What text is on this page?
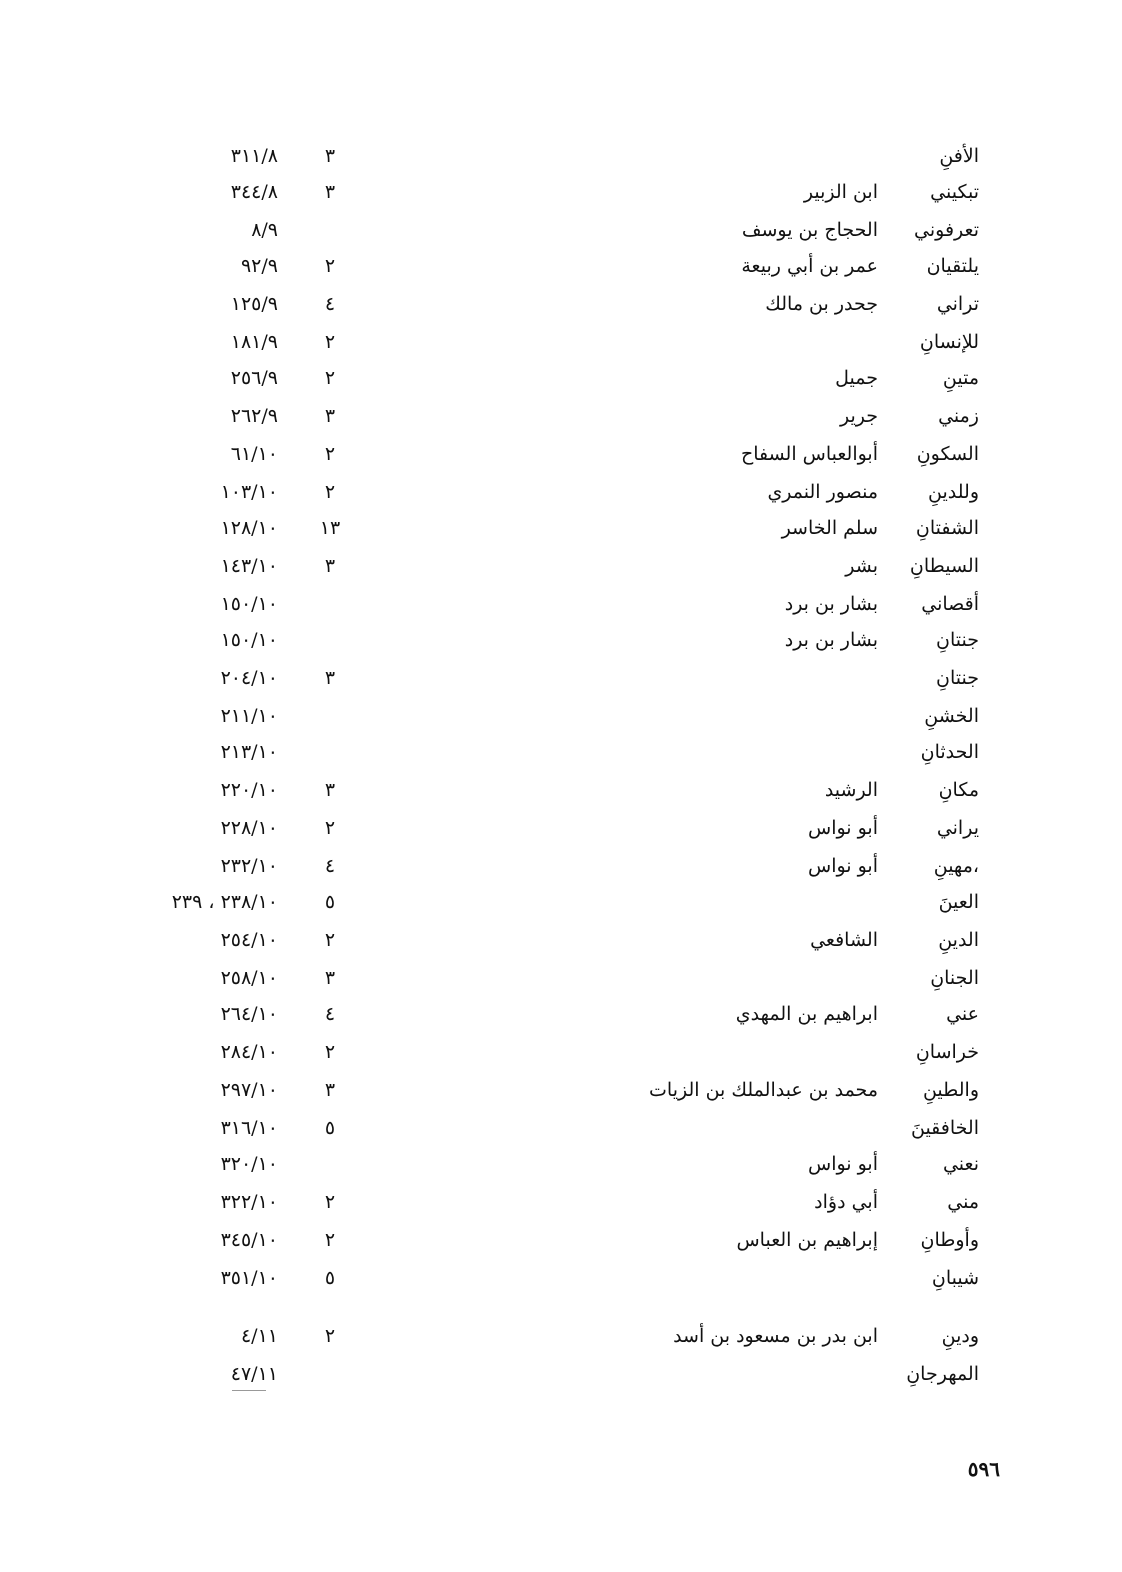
الأفنِ
٣
٣١١/٨
تبكيني
ابن الزبير
٣
٣٤٤/٨
تعرفوني
الحجاج بن يوسف
٨/٩
يلتقيان
عمر بن أبي ربيعة
٢
٩٢/٩
تراني
جحدر بن مالك
٤
١٢٥/٩
للإنسانِ
٢
١٨١/٩
متينِ
جميل
٢
٢٥٦/٩
زمني
جرير
٣
٢٦٢/٩
السكونِ
أبوالعباس السفاح
٢
٦١/١٠
وللدينِ
منصور النمري
٢
١٠٣/١٠
الشفتانِ
سلم الخاسر
١٣
١٢٨/١٠
السيطانِ
بشر
٣
١٤٣/١٠
أقصاني
بشار بن برد
١٥٠/١٠
جنتانِ
بشار بن برد
١٥٠/١٠
جنتانِ
٣
٢٠٤/١٠
الخشنِ
٢١١/١٠
الحدثانِ
٢١٣/١٠
مكانِ
الرشيد
٣
٢٢٠/١٠
يراني
أبو نواس
٢
٢٢٨/١٠
،مهينِ
أبو نواس
٤
٢٣٢/١٠
العينَ
٥
٢٣٨/١٠ ، ٢٣٩
الدينِ
الشافعي
٢
٢٥٤/١٠
الجنانِ
٣
٢٥٨/١٠
عني
ابراهيم بن المهدي
٤
٢٦٤/١٠
خراسانِ
٢
٢٨٤/١٠
والطينِ
محمد بن عبدالملك بن الزيات
٣
٢٩٧/١٠
الخافقينَ
٥
٣١٦/١٠
نعني
أبو نواس
٣٢٠/١٠
مني
أبي دؤاد
٢
٣٢٢/١٠
وأوطانِ
إبراهيم بن العباس
٢
٣٤٥/١٠
شيبانِ
٥
٣٥١/١٠
ودينِ
ابن بدر بن مسعود بن أسد
٢
٤/١١
المهرجانِ
٤٧/١١
٥٩٦
